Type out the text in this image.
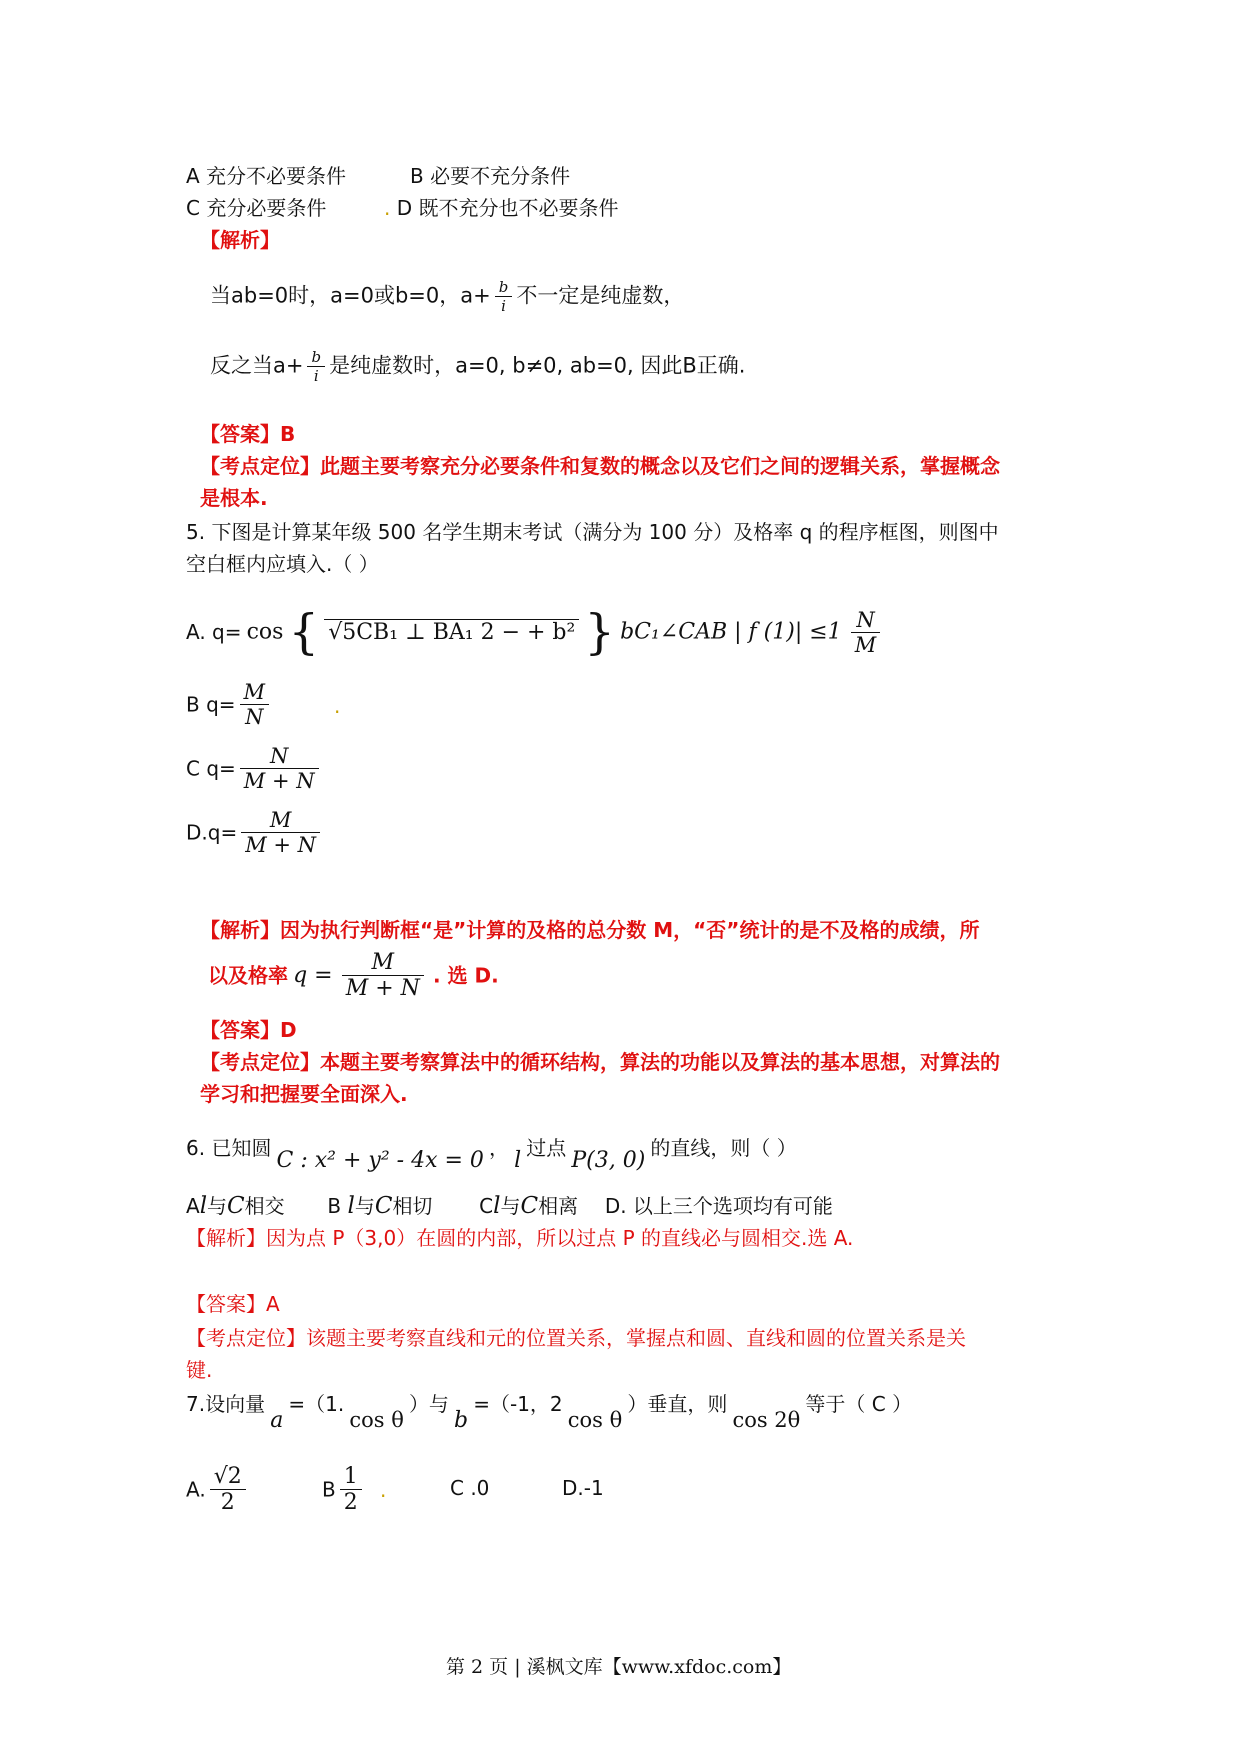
A 充分不必要条件	B 必要不充分条件
C 充分必要条件	. D 既不充分也不必要条件
【解析】
当ab=0时，a=0或b=0，$a+ \frac{b}{i}$ 不一定是纯虚数，
反之当$a+ \frac{b}{i}$ 是纯虚数时，a=0, b≠0, ab=0, 因此B正确.
【答案】B
【考点定位】此题主要考察充分必要条件和复数的概念以及它们之间的逻辑关系，掌握概念
是根本.
5. 下图是计算某年级 500 名学生期末考试（满分为 100 分）及格率 q 的程序框图，则图中
空白框内应填入.（ ）
A. q= cos { √5CB₁ ⊥ BA₁ 2 − + b² } bC₁∠CAB | f $(1)| \le 1 \frac{N}{M}$
B $q= \frac{M}{N}$	.
C $q= \frac{N}{M + N}$
$D.q= \frac{M}{M + N}$
【解析】因为执行判断框“是”计算的及格的总分数 M，“否”统计的是不及格的成绩，所
以及格率 $q = \frac{M}{M + N}$ . 选 D.
【答案】D
【考点定位】本题主要考察算法中的循环结构，算法的功能以及算法的基本思想，对算法的
学习和把握要全面深入.
6. 已知圆 C : x² + y² - 4x = 0 ， l 过点 P(3, 0) 的直线，则（ ）
Al与C相交 B l与C相切 Cl与C相离 D. 以上三个选项均有可能
【解析】因为点 P（3,0）在圆的内部，所以过点 P 的直线必与圆相交.选 A.
【答案】A
【考点定位】该题主要考察直线和元的位置关系，掌握点和圆、直线和圆的位置关系是关
键.
7.设向量 a =（1. cos θ ）与 b =（-1，2 cos θ ）垂直，则 cos 2θ 等于（ C ）
A. $\frac{√2}{2}$	B $\frac{1}{2}$ .	C .0	D.-1
第 2 页 | 溪枫文库【www.xfdoc.com】
